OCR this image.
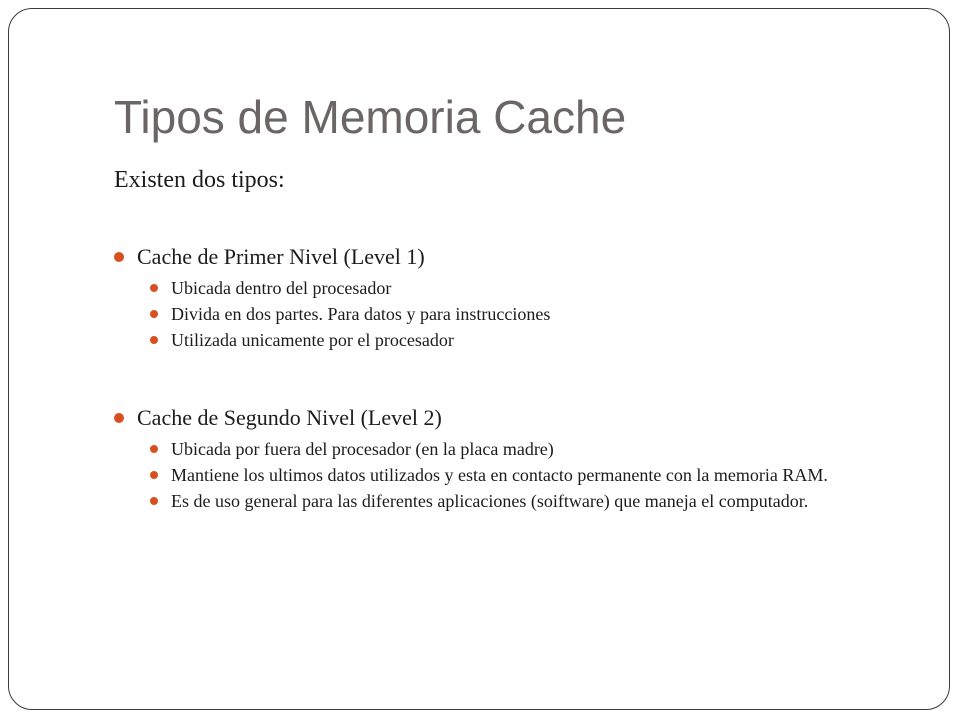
Tipos de Memoria Cache

Existen dos tipos:

Cache de Primer Nivel (Level 1)
Ubicada dentro del procesador
Divida en dos partes. Para datos y para instrucciones
Utilizada unicamente por el procesador
Cache de Segundo Nivel (Level 2)
Ubicada por fuera del procesador (en la placa madre)
Mantiene los ultimos datos utilizados y esta en contacto permanente con la memoria RAM.
Es de uso general para las diferentes aplicaciones (soiftware) que maneja el computador.
